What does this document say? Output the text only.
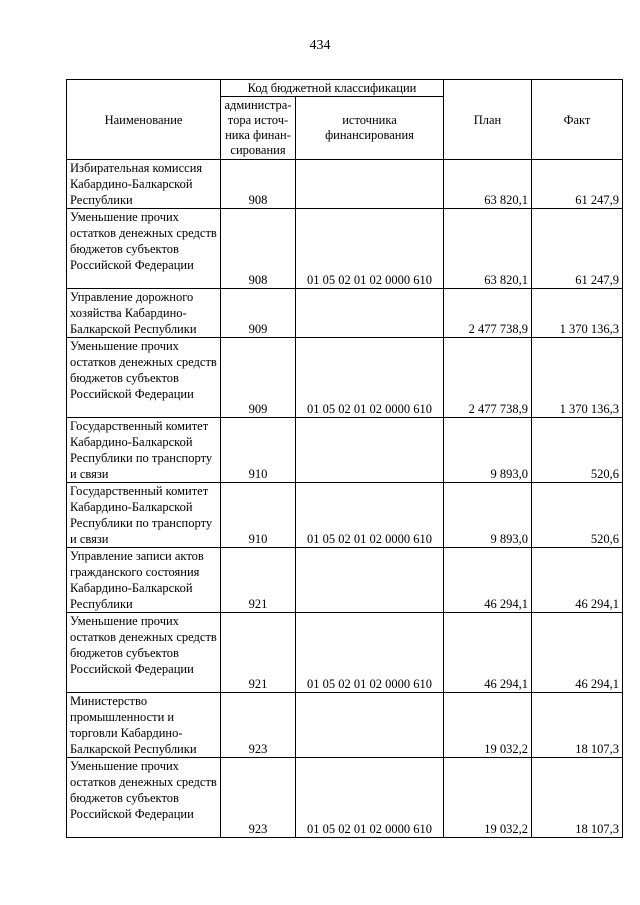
434
Наименование	Код бюджетной классификации		План	Факт
	администра-тора источ-ника финан-сирования	источника финансирования		
Избирательная комиссия Кабардино-Балкарской Республики	908		63 820,1	61 247,9
Уменьшение прочих остатков денежных средств бюджетов субъектов Российской Федерации	908	01 05 02 01 02 0000 610	63 820,1	61 247,9
Управление дорожного хозяйства Кабардино-Балкарской Республики	909		2 477 738,9	1 370 136,3
Уменьшение прочих остатков денежных средств бюджетов субъектов Российской Федерации	909	01 05 02 01 02 0000 610	2 477 738,9	1 370 136,3
Государственный комитет Кабардино-Балкарской Республики по транспорту и связи	910		9 893,0	520,6
Государственный комитет Кабардино-Балкарской Республики по транспорту и связи	910	01 05 02 01 02 0000 610	9 893,0	520,6
Управление записи актов гражданского состояния Кабардино-Балкарской Республики	921		46 294,1	46 294,1
Уменьшение прочих остатков денежных средств бюджетов субъектов Российской Федерации	921	01 05 02 01 02 0000 610	46 294,1	46 294,1
Министерство промышленности и торговли Кабардино-Балкарской Республики	923		19 032,2	18 107,3
Уменьшение прочих остатков денежных средств бюджетов субъектов Российской Федерации	923	01 05 02 01 02 0000 610	19 032,2	18 107,3
